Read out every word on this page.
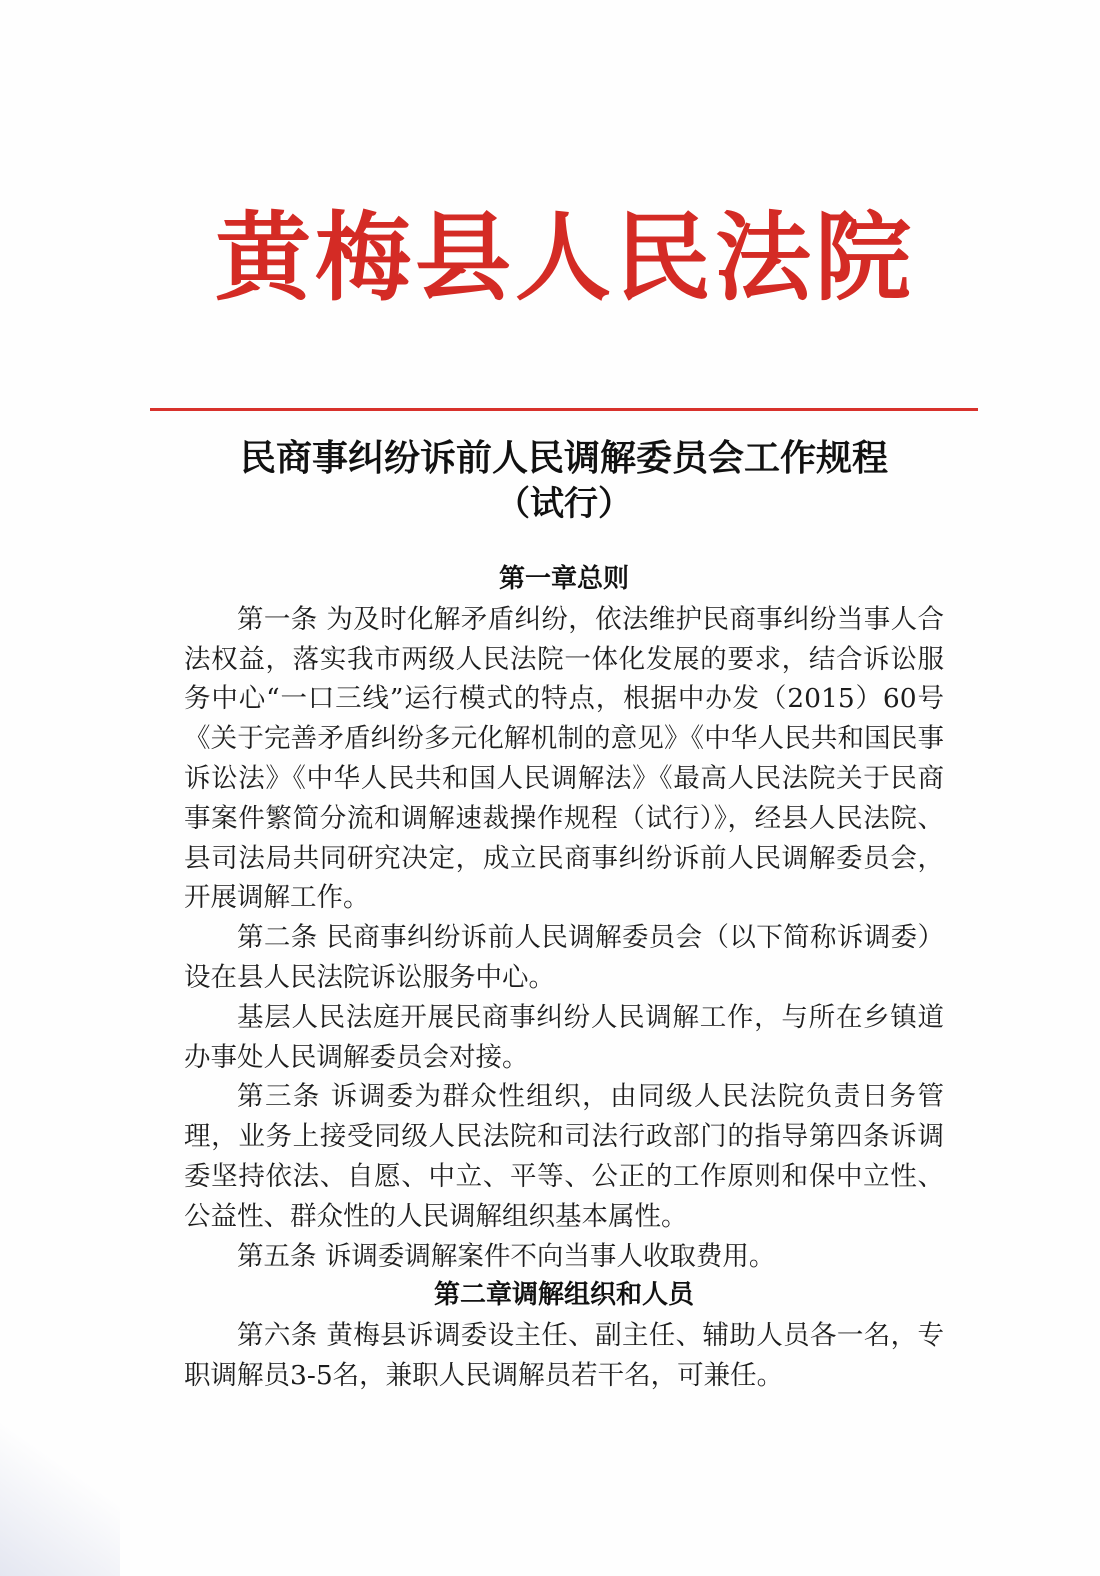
黄梅县人民法院
民商事纠纷诉前人民调解委员会工作规程
（试行）
第一章总则

第一条 为及时化解矛盾纠纷，依法维护民商事纠纷当事人合法权益，落实我市两级人民法院一体化发展的要求，结合诉讼服务中心“一口三线”运行模式的特点，根据中办发（2015）60号《关于完善矛盾纠纷多元化解机制的意见》《中华人民共和国民事诉讼法》《中华人民共和国人民调解法》《最高人民法院关于民商事案件繁简分流和调解速裁操作规程（试行）》，经县人民法院、县司法局共同研究决定，成立民商事纠纷诉前人民调解委员会，开展调解工作。

第二条 民商事纠纷诉前人民调解委员会（以下简称诉调委）设在县人民法院诉讼服务中心。

基层人民法庭开展民商事纠纷人民调解工作，与所在乡镇道办事处人民调解委员会对接。

第三条 诉调委为群众性组织，由同级人民法院负责日务管理，业务上接受同级人民法院和司法行政部门的指导第四条诉调委坚持依法、自愿、中立、平等、公正的工作原则和保中立性、公益性、群众性的人民调解组织基本属性。

第五条 诉调委调解案件不向当事人收取费用。

第二章调解组织和人员

第六条 黄梅县诉调委设主任、副主任、辅助人员各一名，专职调解员3-5名，兼职人民调解员若干名，可兼任。
